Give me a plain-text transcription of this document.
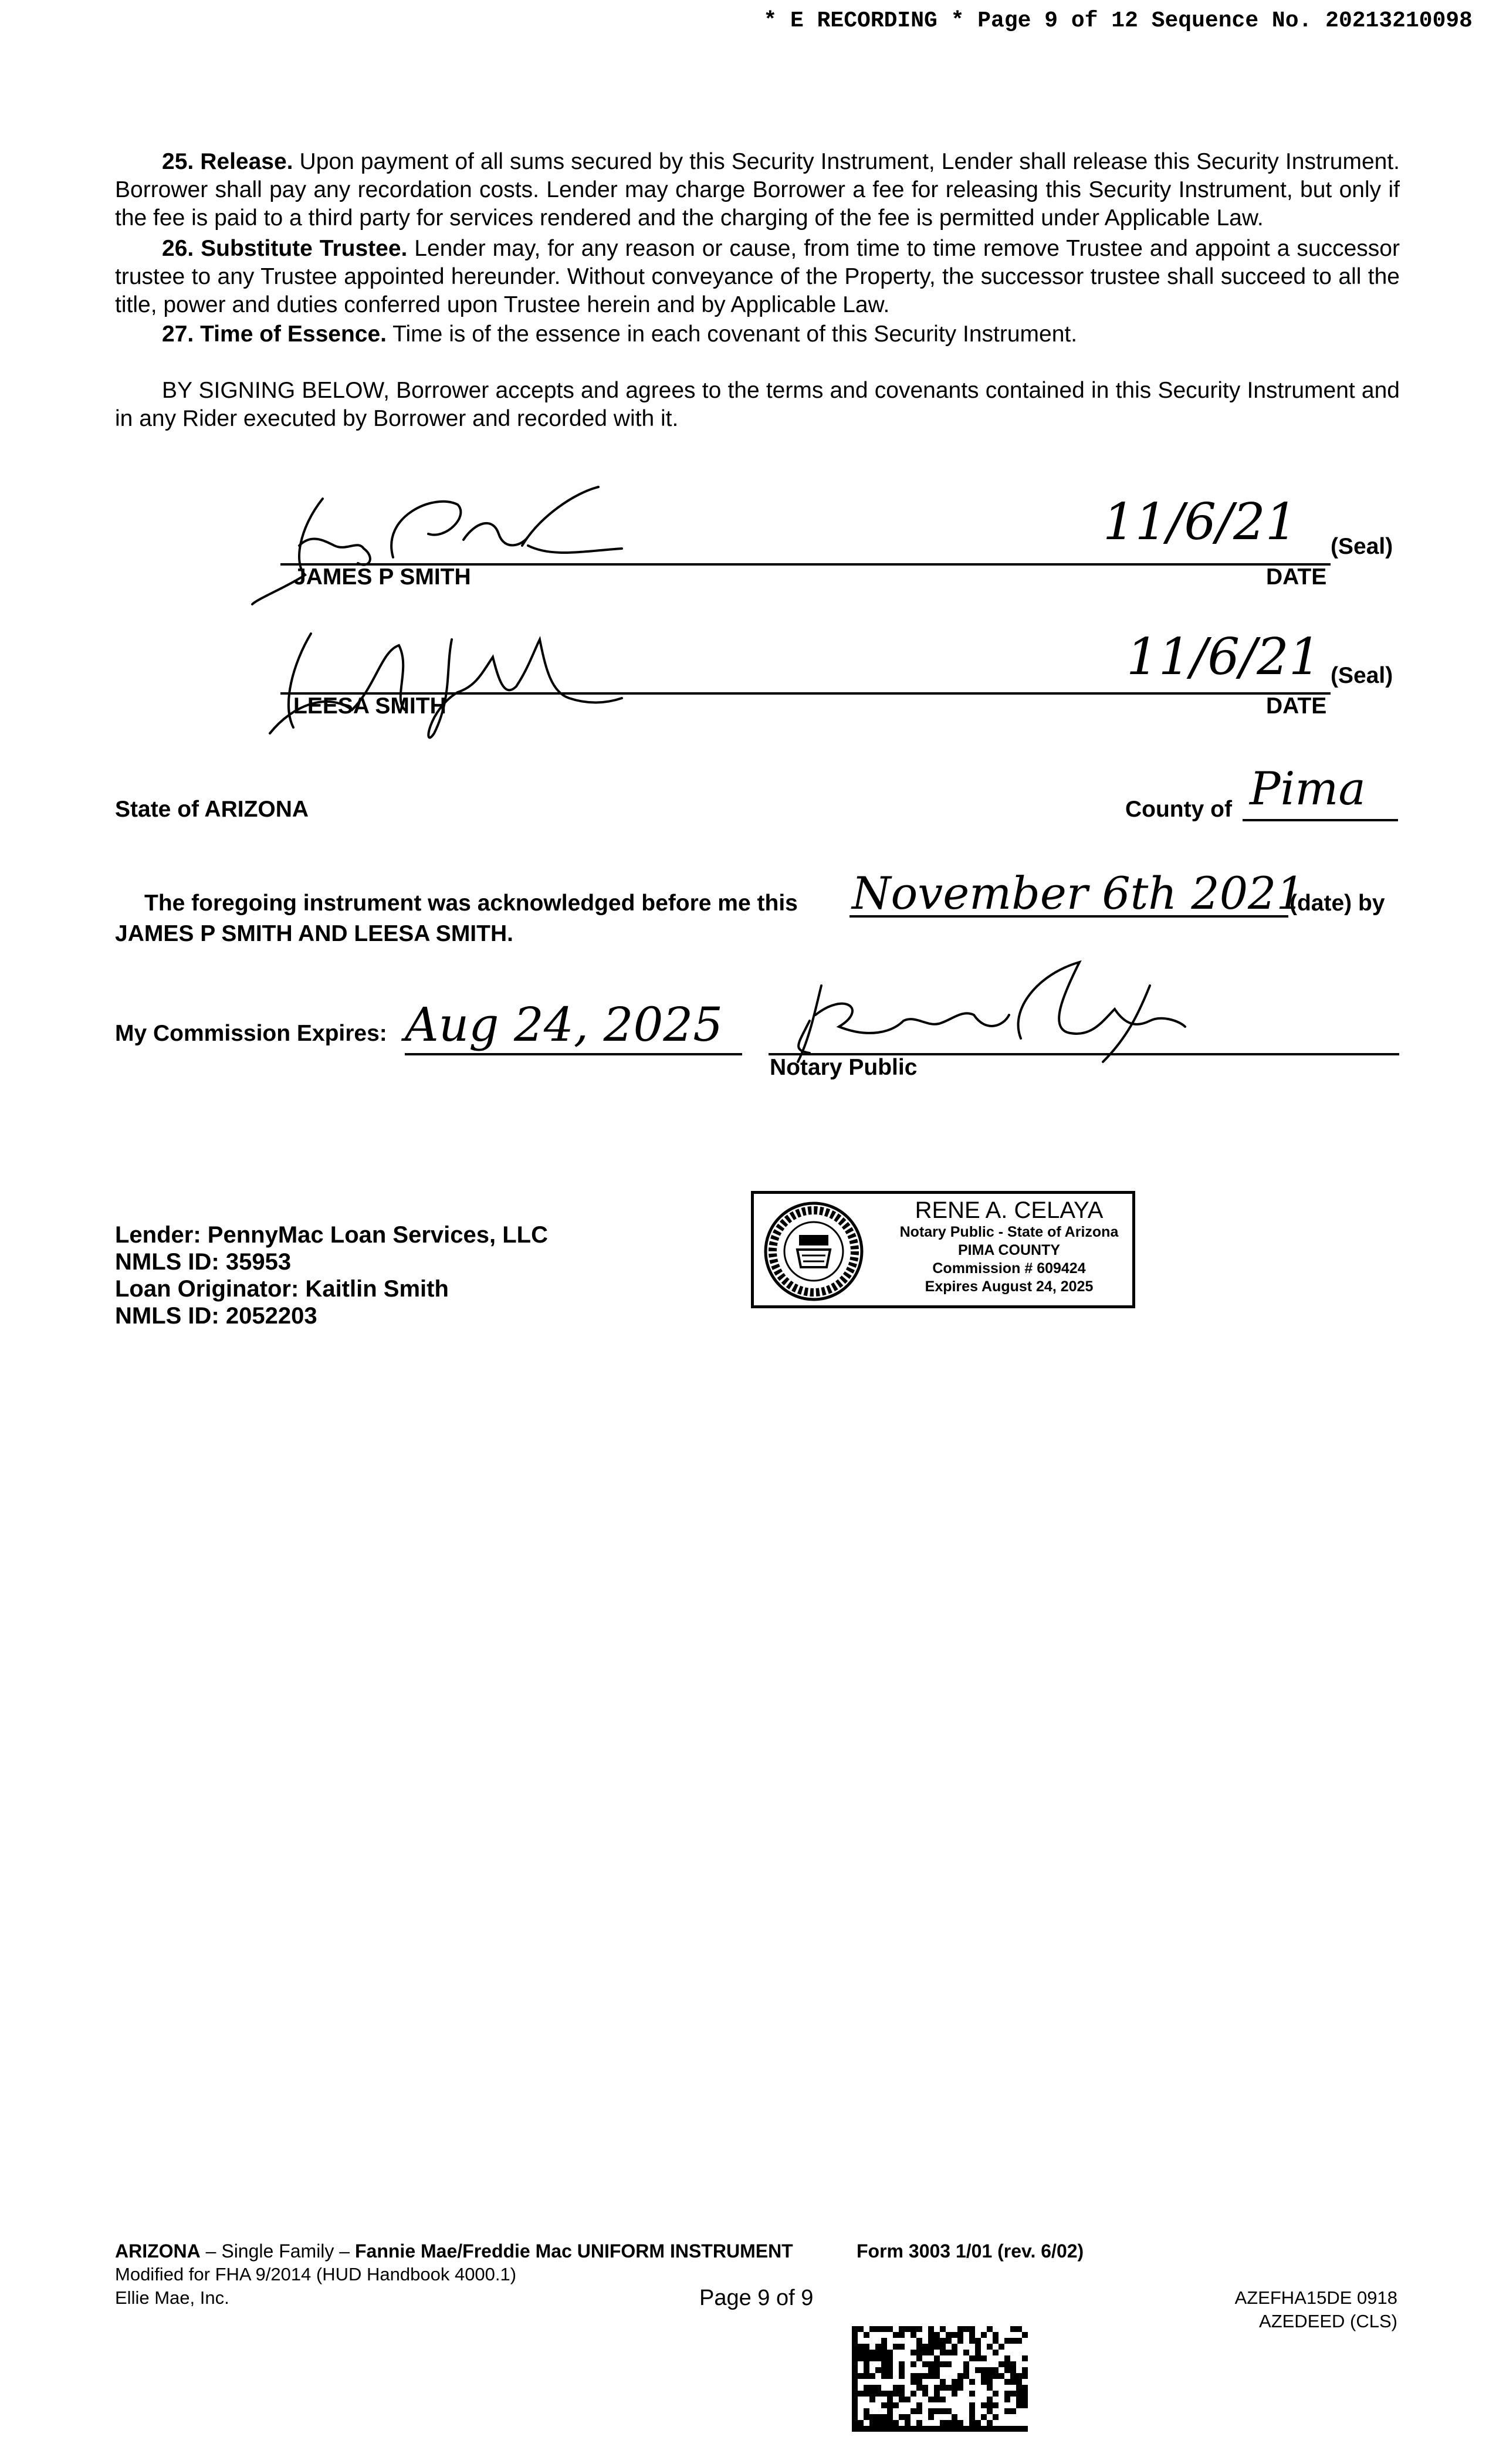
* E RECORDING * Page 9 of 12 Sequence No. 20213210098
25. Release. Upon payment of all sums secured by this Security Instrument, Lender shall release this Security Instrument. Borrower shall pay any recordation costs. Lender may charge Borrower a fee for releasing this Security Instrument, but only if the fee is paid to a third party for services rendered and the charging of the fee is permitted under Applicable Law.
26. Substitute Trustee. Lender may, for any reason or cause, from time to time remove Trustee and appoint a successor trustee to any Trustee appointed hereunder. Without conveyance of the Property, the successor trustee shall succeed to all the title, power and duties conferred upon Trustee herein and by Applicable Law.
27. Time of Essence. Time is of the essence in each covenant of this Security Instrument.
BY SIGNING BELOW, Borrower accepts and agrees to the terms and covenants contained in this Security Instrument and in any Rider executed by Borrower and recorded with it.
JAMES P SMITH	DATE
(Seal)
11/6/21
LEESA SMITH	DATE
(Seal)
11/6/21
State of ARIZONA	County of Pima
The foregoing instrument was acknowledged before me this November 6th 2021
(date) by
JAMES P SMITH AND LEESA SMITH.
My Commission Expires: Aug 24, 2025
Notary Public
Lender: PennyMac Loan Services, LLC
NMLS ID: 35953
Loan Originator: Kaitlin Smith
NMLS ID: 2052203
RENE A. CELAYA
Notary Public - State of Arizona
PIMA COUNTY
Commission # 609424
Expires August 24, 2025
ARIZONA – Single Family – Fannie Mae/Freddie Mac UNIFORM INSTRUMENT	Form 3003 1/01 (rev. 6/02)
Modified for FHA 9/2014 (HUD Handbook 4000.1)
Ellie Mae, Inc.	Page 9 of 9	AZEFHA15DE 0918
AZEDEED (CLS)
